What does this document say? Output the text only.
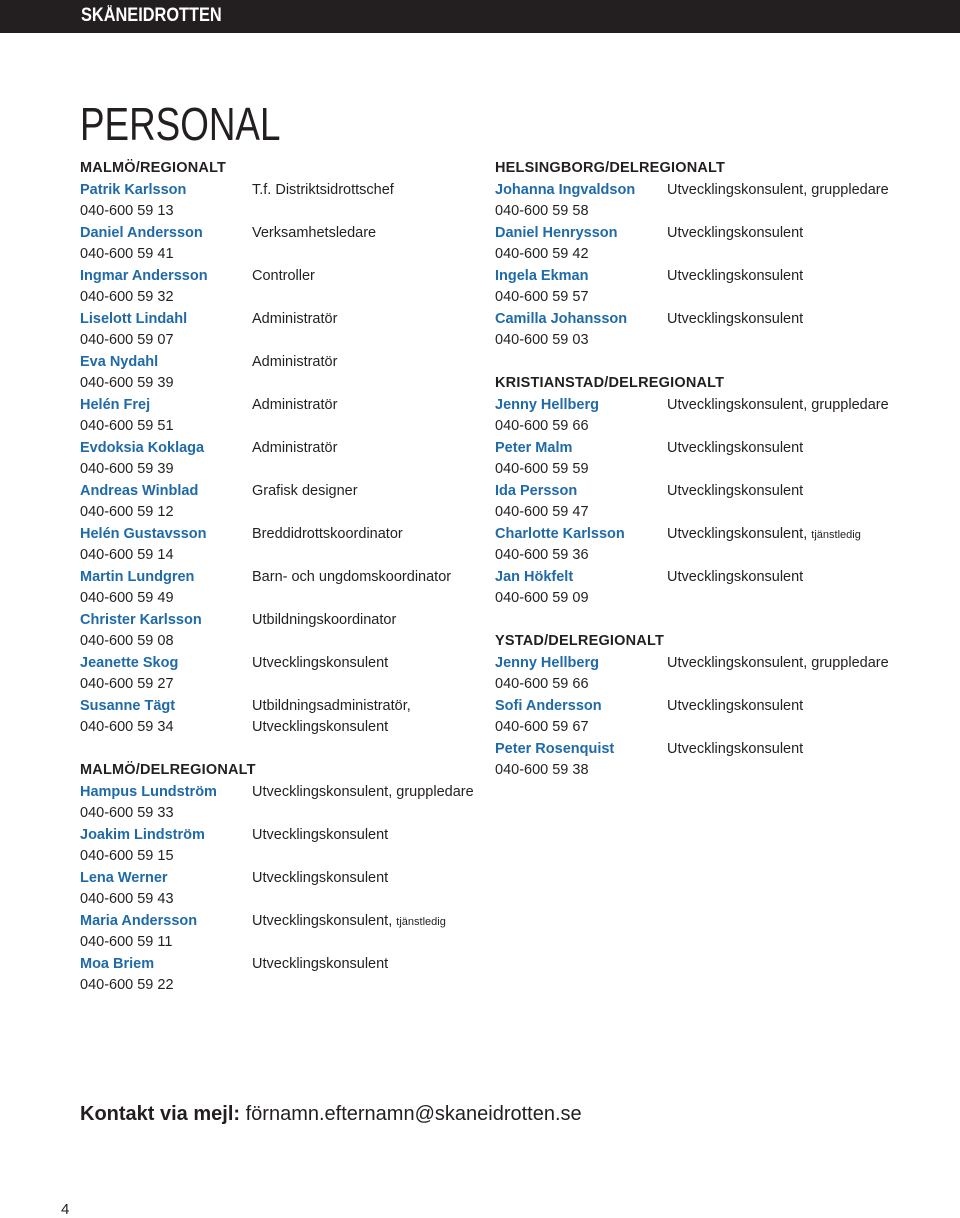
SKÅNEIDROTTEN
PERSONAL
MALMÖ/REGIONALT
Patrik Karlsson	T.f. Distriktsidrottschef
040-600 59 13
Daniel Andersson	Verksamhetsledare
040-600 59 41
Ingmar Andersson	Controller
040-600 59 32
Liselott Lindahl	Administratör
040-600 59 07
Eva Nydahl	Administratör
040-600 59 39
Helén Frej	Administratör
040-600 59 51
Evdoksia Koklaga	Administratör
040-600 59 39
Andreas Winblad	Grafisk designer
040-600 59 12
Helén Gustavsson	Breddidrottskoordinator
040-600 59 14
Martin Lundgren	Barn- och ungdomskoordinator
040-600 59 49
Christer Karlsson	Utbildningskoordinator
040-600 59 08
Jeanette Skog	Utvecklingskonsulent
040-600 59 27
Susanne Tägt	Utbildningsadministratör,
040-600 59 34	Utvecklingskonsulent
MALMÖ/DELREGIONALT
Hampus Lundström Utvecklingskonsulent, gruppledare
040-600 59 33
Joakim Lindström	Utvecklingskonsulent
040-600 59 15
Lena Werner	Utvecklingskonsulent
040-600 59 43
Maria Andersson	Utvecklingskonsulent, tjänstledig
040-600 59 11
Moa Briem	Utvecklingskonsulent
040-600 59 22
HELSINGBORG/DELREGIONALT
Johanna Ingvaldson Utvecklingskonsulent, gruppledare
040-600 59 58
Daniel Henrysson	Utvecklingskonsulent
040-600 59 42
Ingela Ekman	Utvecklingskonsulent
040-600 59 57
Camilla Johansson	Utvecklingskonsulent
040-600 59 03
KRISTIANSTAD/DELREGIONALT
Jenny Hellberg	Utvecklingskonsulent, gruppledare
040-600 59 66
Peter Malm	Utvecklingskonsulent
040-600 59 59
Ida Persson	Utvecklingskonsulent
040-600 59 47
Charlotte Karlsson	Utvecklingskonsulent, tjänstledig
040-600 59 36
Jan Hökfelt	Utvecklingskonsulent
040-600 59 09
YSTAD/DELREGIONALT
Jenny Hellberg	Utvecklingskonsulent, gruppledare
040-600 59 66
Sofi Andersson	Utvecklingskonsulent
040-600 59 67
Peter Rosenquist	Utvecklingskonsulent
040-600 59 38
Kontakt via mejl: förnamn.efternamn@skaneidrotten.se
4
